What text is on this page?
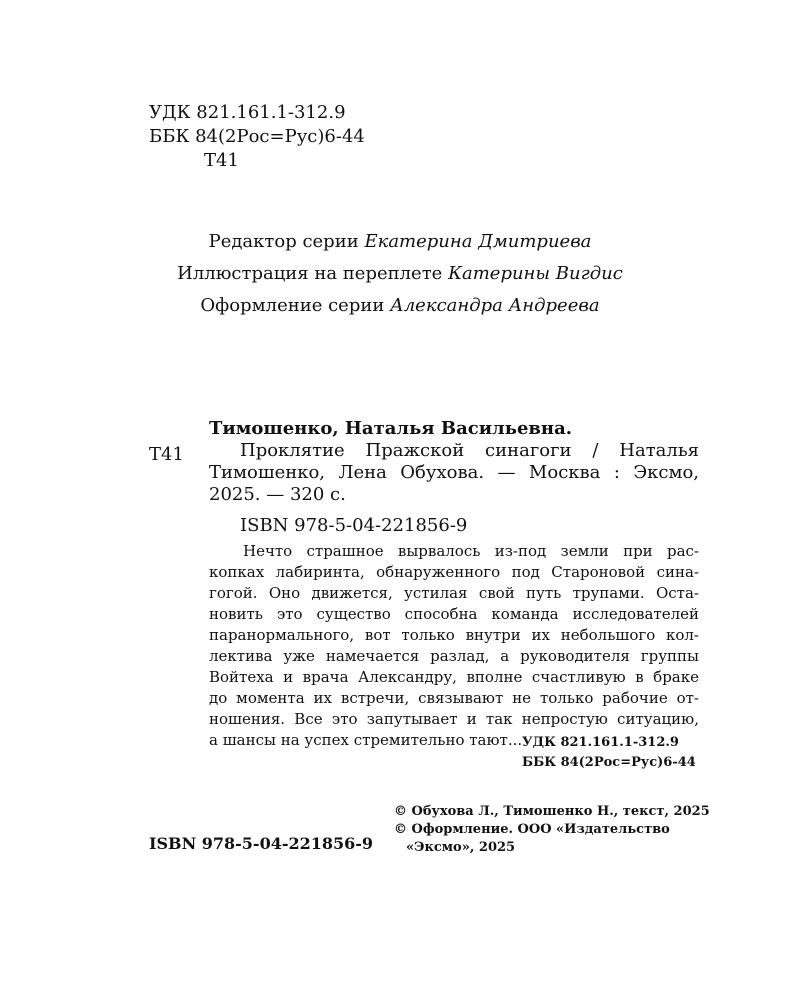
УДК 821.161.1-312.9
ББК 84(2Рос=Рус)6-44
Т41
Редактор серии Екатерина Дмитриева
Иллюстрация на переплете Катерины Вигдис
Оформление серии Александра Андреева
Тимошенко, Наталья Васильевна.
Т41	Проклятие Пражской синагоги / Наталья
Тимошенко, Лена Обухова. — Москва : Эксмо,
2025. — 320 с.
ISBN 978-5-04-221856-9
Нечто страшное вырвалось из-под земли при рас-
копках лабиринта, обнаруженного под Староновой сина-
гогой. Оно движется, устилая свой путь трупами. Оста-
новить это существо способна команда исследователей
паранормального, вот только внутри их небольшого кол-
лектива уже намечается разлад, а руководителя группы
Войтеха и врача Александру, вполне счастливую в браке
до момента их встречи, связывают не только рабочие от-
ношения. Все это запутывает и так непростую ситуацию,
а шансы на успех стремительно тают... УДК 821.161.1-312.9
ББК 84(2Рос=Рус)6-44
© Обухова Л., Тимошенко Н., текст, 2025
© Оформление. ООО «Издательство
«Эксмо», 2025
ISBN 978-5-04-221856-9
